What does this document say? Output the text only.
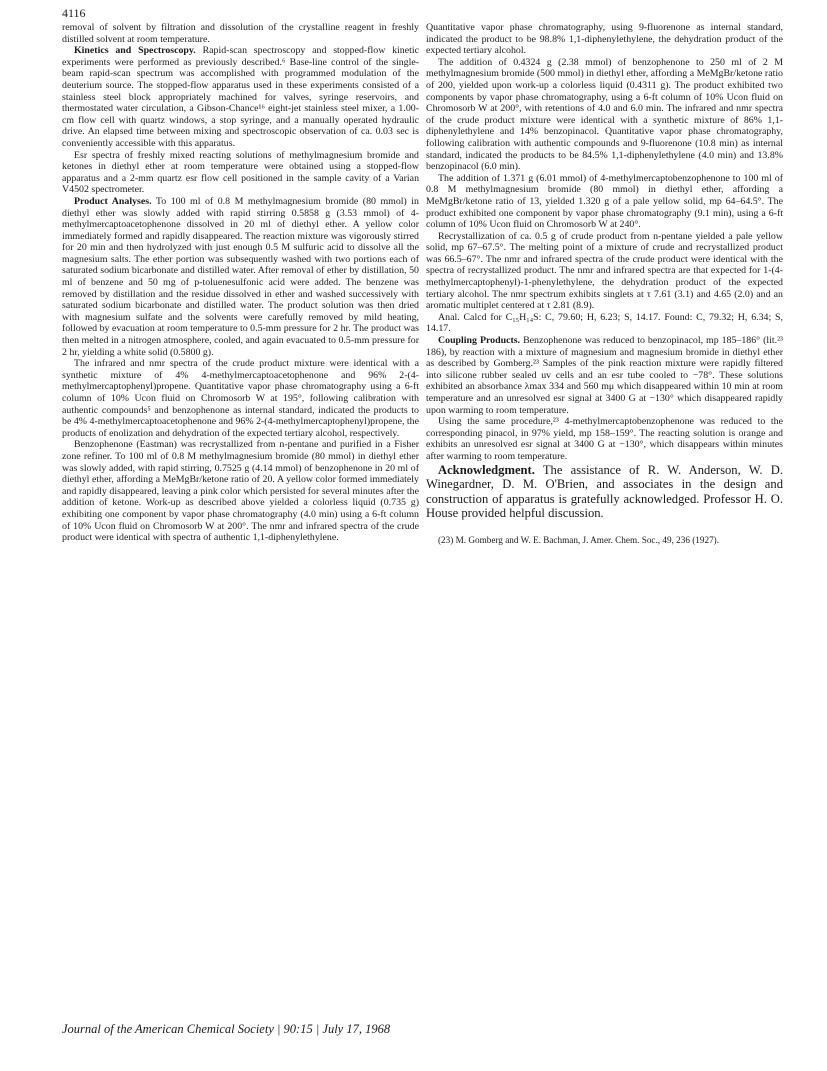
4116

removal of solvent by filtration and dissolution of the crystalline reagent in freshly distilled solvent at room temperature.

Kinetics and Spectroscopy. Rapid-scan spectroscopy and stopped-flow kinetic experiments were performed as previously described.⁶ Base-line control of the single-beam rapid-scan spectrum was accomplished with programmed modulation of the deuterium source. The stopped-flow apparatus used in these experiments consisted of a stainless steel block appropriately machined for valves, syringe reservoirs, and thermostated water circulation, a Gibson-Chance¹⁶ eight-jet stainless steel mixer, a 1.00-cm flow cell with quartz windows, a stop syringe, and a manually operated hydraulic drive. An elapsed time between mixing and spectroscopic observation of ca. 0.03 sec is conveniently accessible with this apparatus.

Esr spectra of freshly mixed reacting solutions of methylmagnesium bromide and ketones in diethyl ether at room temperature were obtained using a stopped-flow apparatus and a 2-mm quartz esr flow cell positioned in the sample cavity of a Varian V4502 spectrometer.

Product Analyses. To 100 ml of 0.8 M methylmagnesium bromide (80 mmol) in diethyl ether was slowly added with rapid stirring 0.5858 g (3.53 mmol) of 4-methylmercaptoacetophenone dissolved in 20 ml of diethyl ether. A yellow color immediately formed and rapidly disappeared. The reaction mixture was vigorously stirred for 20 min and then hydrolyzed with just enough 0.5 M sulfuric acid to dissolve all the magnesium salts. The ether portion was subsequently washed with two portions each of saturated sodium bicarbonate and distilled water. After removal of ether by distillation, 50 ml of benzene and 50 mg of p-toluenesulfonic acid were added. The benzene was removed by distillation and the residue dissolved in ether and washed successively with saturated sodium bicarbonate and distilled water. The product solution was then dried with magnesium sulfate and the solvents were carefully removed by mild heating, followed by evacuation at room temperature to 0.5-mm pressure for 2 hr. The product was then melted in a nitrogen atmosphere, cooled, and again evacuated to 0.5-mm pressure for 2 hr, yielding a white solid (0.5800 g).

The infrared and nmr spectra of the crude product mixture were identical with a synthetic mixture of 4% 4-methylmercaptoacetophenone and 96% 2-(4-methylmercaptophenyl)propene. Quantitative vapor phase chromatography using a 6-ft column of 10% Ucon fluid on Chromosorb W at 195°, following calibration with authentic compounds⁵ and benzophenone as internal standard, indicated the products to be 4% 4-methylmercaptoacetophenone and 96% 2-(4-methylmercaptophenyl)propene, the products of enolization and dehydration of the expected tertiary alcohol, respectively.

Benzophenone (Eastman) was recrystallized from n-pentane and purified in a Fisher zone refiner. To 100 ml of 0.8 M methylmagnesium bromide (80 mmol) in diethyl ether was slowly added, with rapid stirring, 0.7525 g (4.14 mmol) of benzophenone in 20 ml of diethyl ether, affording a MeMgBr/ketone ratio of 20. A yellow color formed immediately and rapidly disappeared, leaving a pink color which persisted for several minutes after the addition of ketone. Work-up as described above yielded a colorless liquid (0.735 g) exhibiting one component by vapor phase chromatography (4.0 min) using a 6-ft column of 10% Ucon fluid on Chromosorb W at 200°. The nmr and infrared spectra of the crude product were identical with spectra of authentic 1,1-diphenylethylene.

Quantitative vapor phase chromatography, using 9-fluorenone as internal standard, indicated the product to be 98.8% 1,1-diphenylethylene, the dehydration product of the expected tertiary alcohol.

The addition of 0.4324 g (2.38 mmol) of benzophenone to 250 ml of 2 M methylmagnesium bromide (500 mmol) in diethyl ether, affording a MeMgBr/ketone ratio of 200, yielded upon work-up a colorless liquid (0.4311 g). The product exhibited two components by vapor phase chromatography, using a 6-ft column of 10% Ucon fluid on Chromosorb W at 200°, with retentions of 4.0 and 6.0 min. The infrared and nmr spectra of the crude product mixture were identical with a synthetic mixture of 86% 1,1-diphenylethylene and 14% benzopinacol. Quantitative vapor phase chromatography, following calibration with authentic compounds and 9-fluorenone (10.8 min) as internal standard, indicated the products to be 84.5% 1,1-diphenylethylene (4.0 min) and 13.8% benzopinacol (6.0 min).

The addition of 1.371 g (6.01 mmol) of 4-methylmercaptobenzophenone to 100 ml of 0.8 M methylmagnesium bromide (80 mmol) in diethyl ether, affording a MeMgBr/ketone ratio of 13, yielded 1.320 g of a pale yellow solid, mp 64–64.5°. The product exhibited one component by vapor phase chromatography (9.1 min), using a 6-ft column of 10% Ucon fluid on Chromosorb W at 240°.

Recrystallization of ca. 0.5 g of crude product from n-pentane yielded a pale yellow solid, mp 67–67.5°. The melting point of a mixture of crude and recrystallized product was 66.5–67°. The nmr and infrared spectra of the crude product were identical with the spectra of recrystallized product. The nmr and infrared spectra are that expected for 1-(4-methylmercaptophenyl)-1-phenylethylene, the dehydration product of the expected tertiary alcohol. The nmr spectrum exhibits singlets at τ 7.61 (3.1) and 4.65 (2.0) and an aromatic multiplet centered at τ 2.81 (8.9).

Anal. Calcd for C₁₅H₁₄S: C, 79.60; H, 6.23; S, 14.17. Found: C, 79.32; H, 6.34; S, 14.17.

Coupling Products. Benzophenone was reduced to benzopinacol, mp 185–186° (lit.²³ 186), by reaction with a mixture of magnesium and magnesium bromide in diethyl ether as described by Gomberg.²³ Samples of the pink reaction mixture were rapidly filtered into silicone rubber sealed uv cells and an esr tube cooled to −78°. These solutions exhibited an absorbance λmax 334 and 560 mμ which disappeared within 10 min at room temperature and an unresolved esr signal at 3400 G at −130° which disappeared rapidly upon warming to room temperature.

Using the same procedure,²³ 4-methylmercaptobenzophenone was reduced to the corresponding pinacol, in 97% yield, mp 158–159°. The reacting solution is orange and exhibits an unresolved esr signal at 3400 G at −130°, which disappears within minutes after warming to room temperature.

Acknowledgment. The assistance of R. W. Anderson, W. D. Winegardner, D. M. O'Brien, and associates in the design and construction of apparatus is gratefully acknowledged. Professor H. O. House provided helpful discussion.

(23) M. Gomberg and W. E. Bachman, J. Amer. Chem. Soc., 49, 236 (1927).

Journal of the American Chemical Society | 90:15 | July 17, 1968
